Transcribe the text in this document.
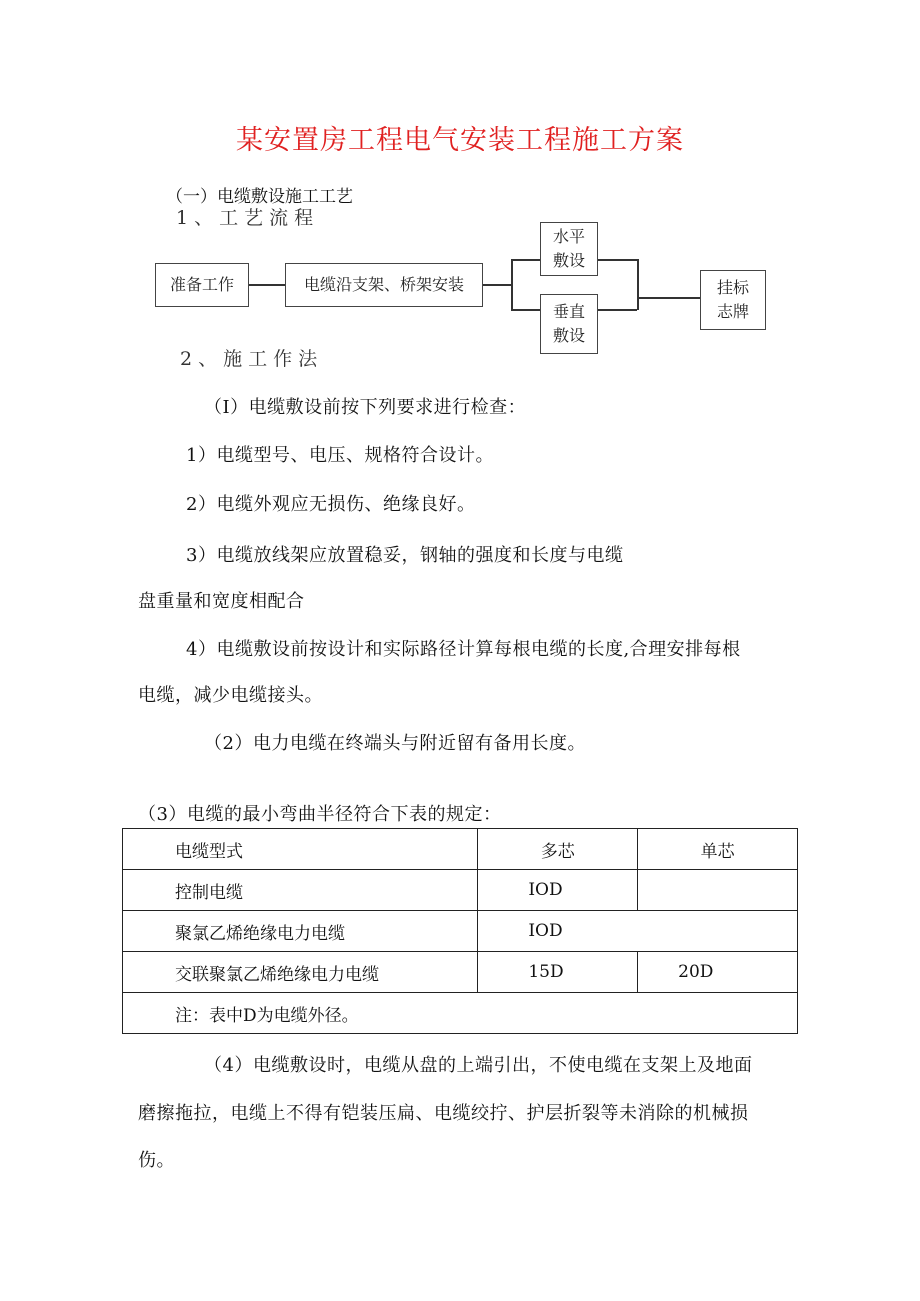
某安置房工程电气安装工程施工方案
（一）电缆敷设施工工艺
1、工艺流程
准备工作	电缆沿支架、桥架安装
水平
敷设
垂直
敷设
挂标
志牌
2、施工作法
（I）电缆敷设前按下列要求进行检查：
1）电缆型号、电压、规格符合设计。
2）电缆外观应无损伤、绝缘良好。
3）电缆放线架应放置稳妥，钢轴的强度和长度与电缆
盘重量和宽度相配合
4）电缆敷设前按设计和实际路径计算每根电缆的长度,合理安排每根
电缆，减少电缆接头。
（2）电力电缆在终端头与附近留有备用长度。
（3）电缆的最小弯曲半径符合下表的规定：
电缆型式	多芯	单芯
控制电缆	IOD	
聚氯乙烯绝缘电力电缆	IOD	
交联聚氯乙烯绝缘电力电缆	15D	20D
注：表中D为电缆外径。		
（4）电缆敷设时，电缆从盘的上端引出，不使电缆在支架上及地面
磨擦拖拉，电缆上不得有铠装压扁、电缆绞拧、护层折裂等未消除的机械损
伤。
